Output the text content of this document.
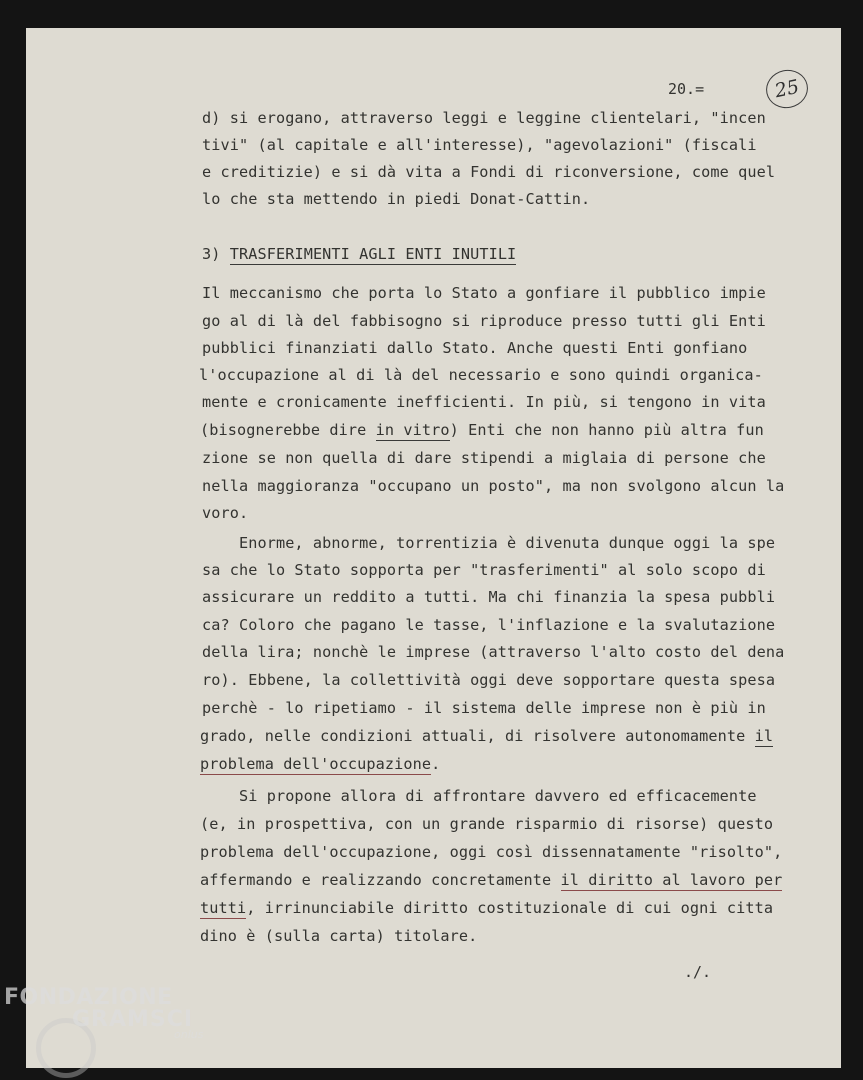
20.=	25
d) si erogano, attraverso leggi e leggine clientelari, "incen
tivi" (al capitale e all'interesse), "agevolazioni" (fiscali
e creditizie) e si dà vita a Fondi di riconversione, come quel
lo che sta mettendo in piedi Donat-Cattin.
3) TRASFERIMENTI AGLI ENTI INUTILI
Il meccanismo che porta lo Stato a gonfiare il pubblico impie
go al di là del fabbisogno si riproduce presso tutti gli Enti
pubblici finanziati dallo Stato. Anche questi Enti gonfiano
l'occupazione al di là del necessario e sono quindi organica-
mente e cronicamente inefficienti. In più, si tengono in vita
(bisognerebbe dire in vitro) Enti che non hanno più altra fun
zione se non quella di dare stipendi a miglaia di persone che
nella maggioranza "occupano un posto", ma non svolgono alcun la
voro.
Enorme, abnorme, torrentizia è divenuta dunque oggi la spe
sa che lo Stato sopporta per "trasferimenti" al solo scopo di
assicurare un reddito a tutti. Ma chi finanzia la spesa pubbli
ca? Coloro che pagano le tasse, l'inflazione e la svalutazione
della lira; nonchè le imprese (attraverso l'alto costo del dena
ro). Ebbene, la collettività oggi deve sopportare questa spesa
perchè - lo ripetiamo - il sistema delle imprese non è più in
grado, nelle condizioni attuali, di risolvere autonomamente il
problema dell'occupazione.
Si propone allora di affrontare davvero ed efficacemente
(e, in prospettiva, con un grande risparmio di risorse) questo
problema dell'occupazione, oggi così dissennatamente "risolto",
affermando e realizzando concretamente il diritto al lavoro per
tutti, irrinunciabile diritto costituzionale di cui ogni citta
dino è (sulla carta) titolare.
./.
FONDAZIONE
GRAMSCI
onlus
